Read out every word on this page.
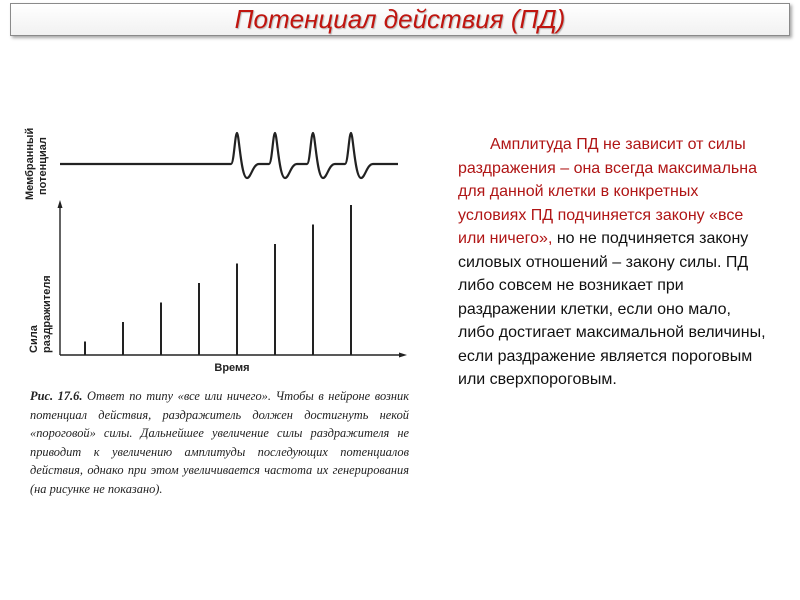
Потенциал действия (ПД)
Мембранный потенциал
Сила раздражителя
Время
Рис. 17.6. Ответ по типу «все или ничего». Чтобы в нейроне возник потенциал действия, раздражитель должен достигнуть некой «пороговой» силы. Дальнейшее увеличение силы раздражителя не приводит к увеличению амплитуды последующих потенциалов действия, однако при этом увеличивается частота их генерирования (на рисунке не показано).
Амплитуда ПД не зависит от силы раздражения – она всегда максимальна для данной клетки в конкретных условиях ПД подчиняется закону «все или ничего», но не подчиняется закону силовых отношений – закону силы. ПД либо совсем не возникает при раздражении клетки, если оно мало, либо достигает максимальной величины, если раздражение является пороговым или сверхпороговым.
